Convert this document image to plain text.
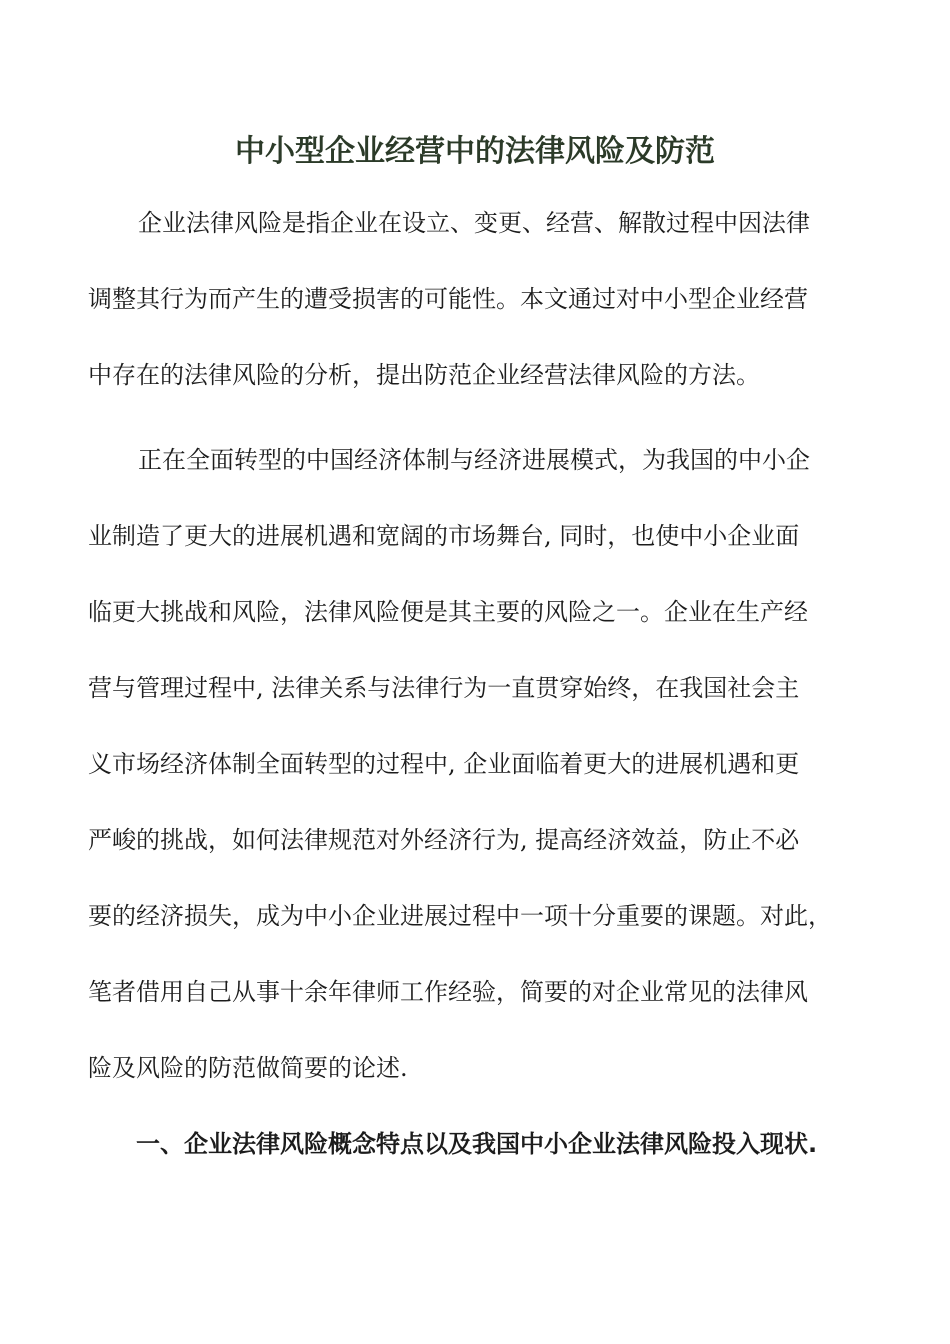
中小型企业经营中的法律风险及防范
企业法律风险是指企业在设立、变更、经营、解散过程中因法律
调整其行为而产生的遭受损害的可能性。本文通过对中小型企业经营
中存在的法律风险的分析，提出防范企业经营法律风险的方法。
正在全面转型的中国经济体制与经济进展模式，为我国的中小企
业制造了更大的进展机遇和宽阔的市场舞台, 同时，也使中小企业面
临更大挑战和风险，法律风险便是其主要的风险之一。企业在生产经
营与管理过程中, 法律关系与法律行为一直贯穿始终，在我国社会主
义市场经济体制全面转型的过程中, 企业面临着更大的进展机遇和更
严峻的挑战，如何法律规范对外经济行为, 提高经济效益，防止不必
要的经济损失，成为中小企业进展过程中一项十分重要的课题。对此，
笔者借用自己从事十余年律师工作经验，简要的对企业常见的法律风
险及风险的防范做简要的论述.
一、企业法律风险概念特点以及我国中小企业法律风险投入现状.
